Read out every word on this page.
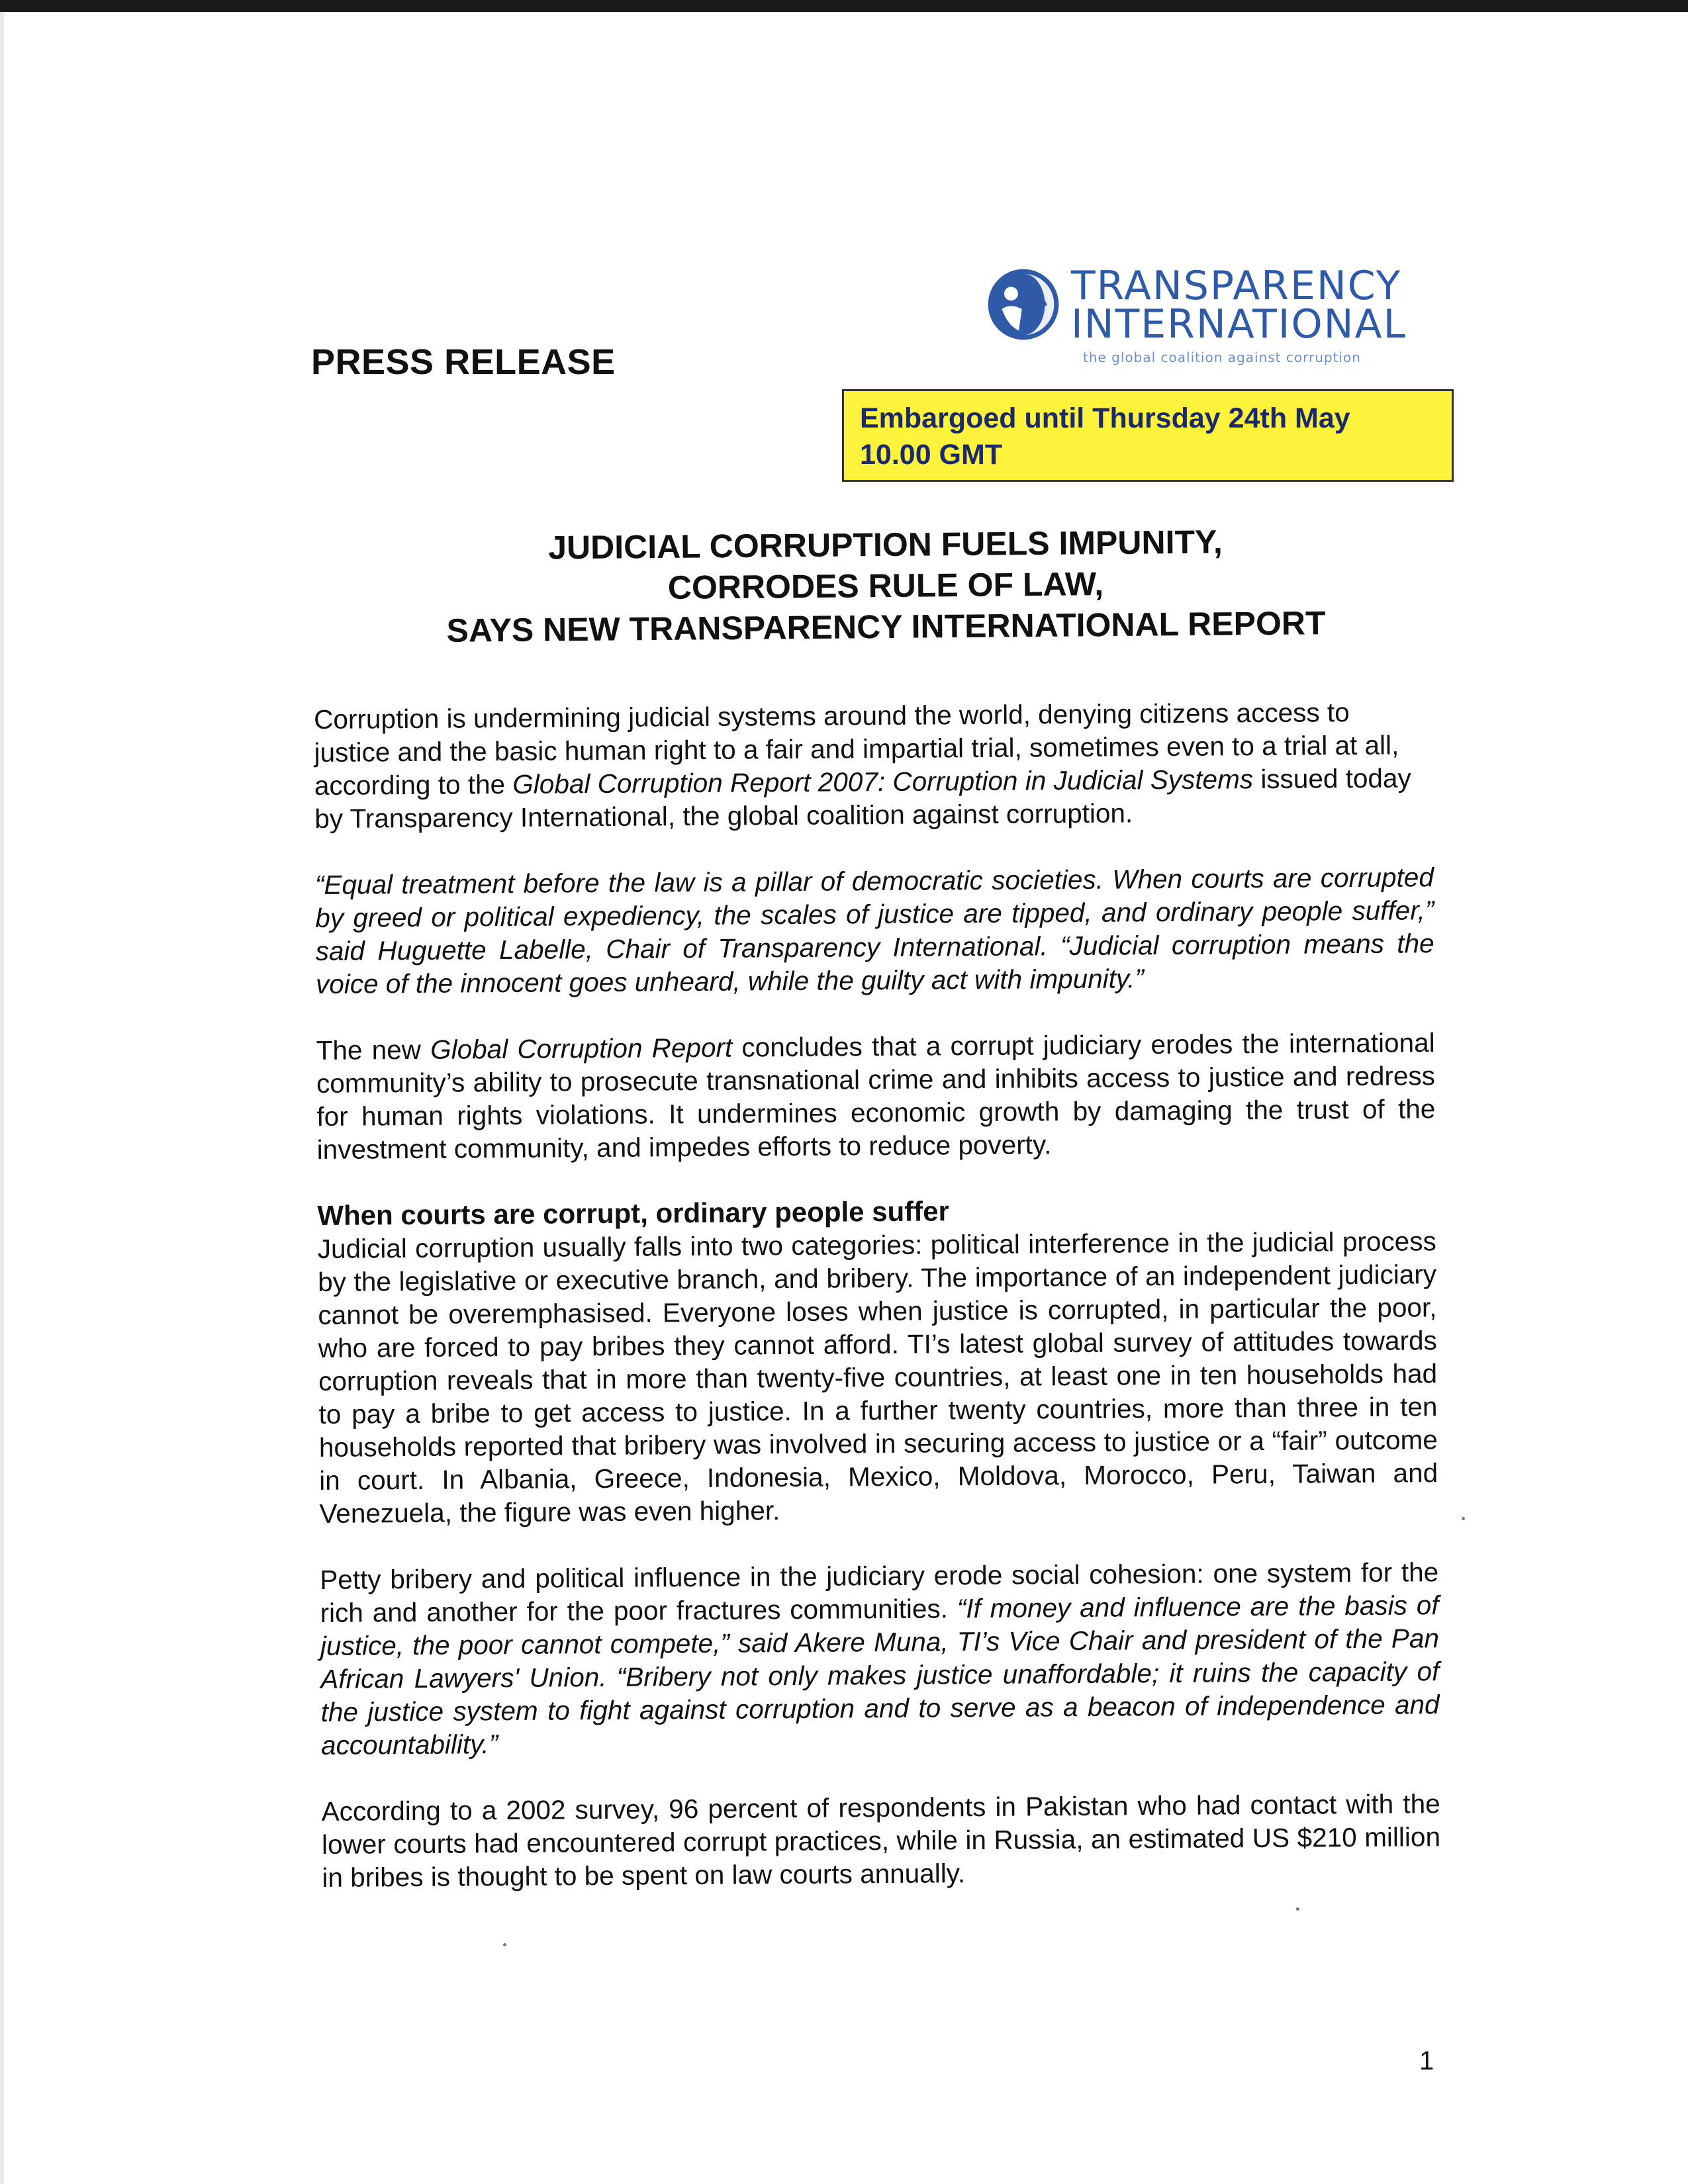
TRANSPARENCY
INTERNATIONAL
the global coalition against corruption
PRESS RELEASE
Embargoed until Thursday 24th May
10.00 GMT
JUDICIAL CORRUPTION FUELS IMPUNITY,
CORRODES RULE OF LAW,
SAYS NEW TRANSPARENCY INTERNATIONAL REPORT

Corruption is undermining judicial systems around the world, denying citizens access to justice and the basic human right to a fair and impartial trial, sometimes even to a trial at all, according to the Global Corruption Report 2007: Corruption in Judicial Systems issued today by Transparency International, the global coalition against corruption.

“Equal treatment before the law is a pillar of democratic societies. When courts are corrupted by greed or political expediency, the scales of justice are tipped, and ordinary people suffer,” said Huguette Labelle, Chair of Transparency International. “Judicial corruption means the voice of the innocent goes unheard, while the guilty act with impunity.”

The new Global Corruption Report concludes that a corrupt judiciary erodes the international community’s ability to prosecute transnational crime and inhibits access to justice and redress for human rights violations. It undermines economic growth by damaging the trust of the investment community, and impedes efforts to reduce poverty.

When courts are corrupt, ordinary people suffer

Judicial corruption usually falls into two categories: political interference in the judicial process by the legislative or executive branch, and bribery. The importance of an independent judiciary cannot be overemphasised. Everyone loses when justice is corrupted, in particular the poor, who are forced to pay bribes they cannot afford. TI’s latest global survey of attitudes towards corruption reveals that in more than twenty-five countries, at least one in ten households had to pay a bribe to get access to justice. In a further twenty countries, more than three in ten households reported that bribery was involved in securing access to justice or a “fair” outcome in court. In Albania, Greece, Indonesia, Mexico, Moldova, Morocco, Peru, Taiwan and Venezuela, the figure was even higher.

Petty bribery and political influence in the judiciary erode social cohesion: one system for the rich and another for the poor fractures communities. “If money and influence are the basis of justice, the poor cannot compete,” said Akere Muna, TI’s Vice Chair and president of the Pan African Lawyers' Union. “Bribery not only makes justice unaffordable; it ruins the capacity of the justice system to fight against corruption and to serve as a beacon of independence and accountability.”

According to a 2002 survey, 96 percent of respondents in Pakistan who had contact with the lower courts had encountered corrupt practices, while in Russia, an estimated US $210 million in bribes is thought to be spent on law courts annually.

1
